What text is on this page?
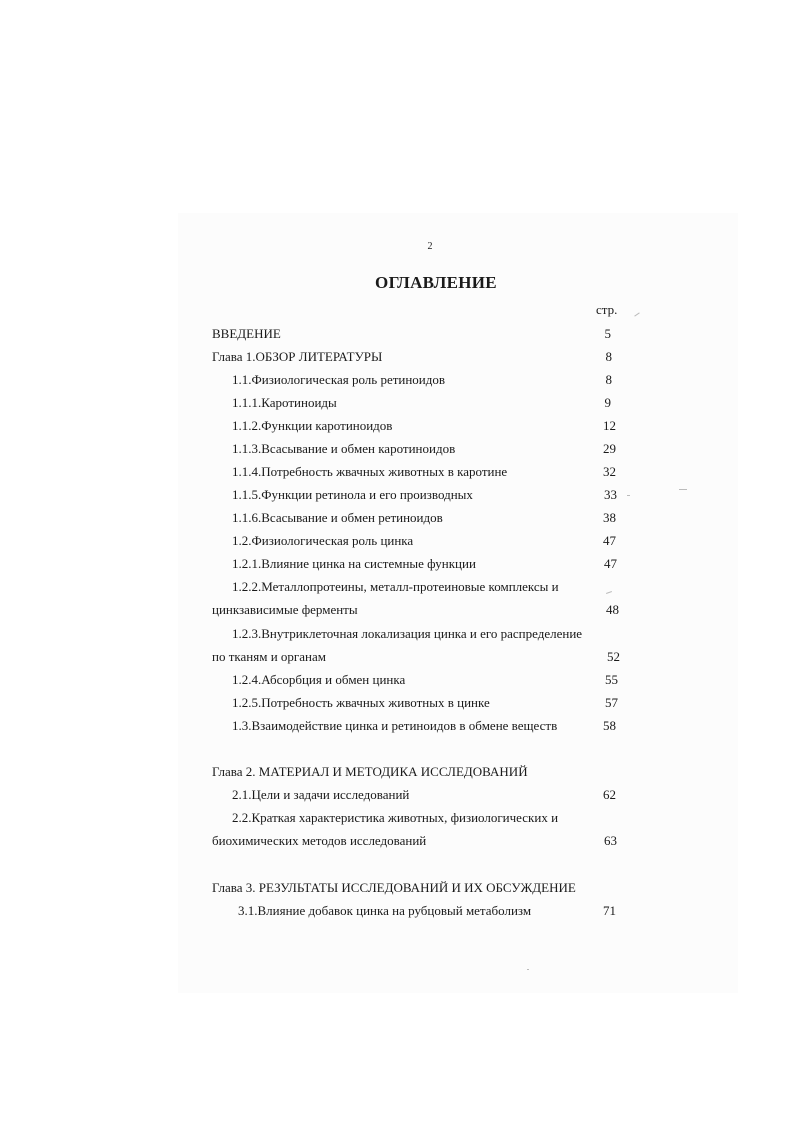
2
ОГЛАВЛЕНИЕ
стр.
ВВЕДЕНИЕ	5
Глава 1.ОБЗОР ЛИТЕРАТУРЫ	8
1.1.Физиологическая роль ретиноидов	8
1.1.1.Каротиноиды	9
1.1.2.Функции каротиноидов	12
1.1.3.Всасывание и обмен каротиноидов	29
1.1.4.Потребность жвачных животных в каротине	32
1.1.5.Функции ретинола и его производных	33
1.1.6.Всасывание и обмен ретиноидов	38
1.2.Физиологическая роль цинка	47
1.2.1.Влияние цинка на системные функции	47
1.2.2.Металлопротеины, металл-протеиновые комплексы и
цинкзависимые ферменты	48
1.2.3.Внутриклеточная локализация цинка и его распределение
по тканям и органам	52
1.2.4.Абсорбция и обмен цинка	55
1.2.5.Потребность жвачных животных в цинке	57
1.3.Взаимодействие цинка и ретиноидов в обмене веществ	58
Глава 2. МАТЕРИАЛ И МЕТОДИКА ИССЛЕДОВАНИЙ
2.1.Цели и задачи исследований	62
2.2.Краткая характеристика животных, физиологических и
биохимических методов исследований	63
Глава 3. РЕЗУЛЬТАТЫ ИССЛЕДОВАНИЙ И ИХ ОБСУЖДЕНИЕ
3.1.Влияние добавок цинка на рубцовый метаболизм	71
